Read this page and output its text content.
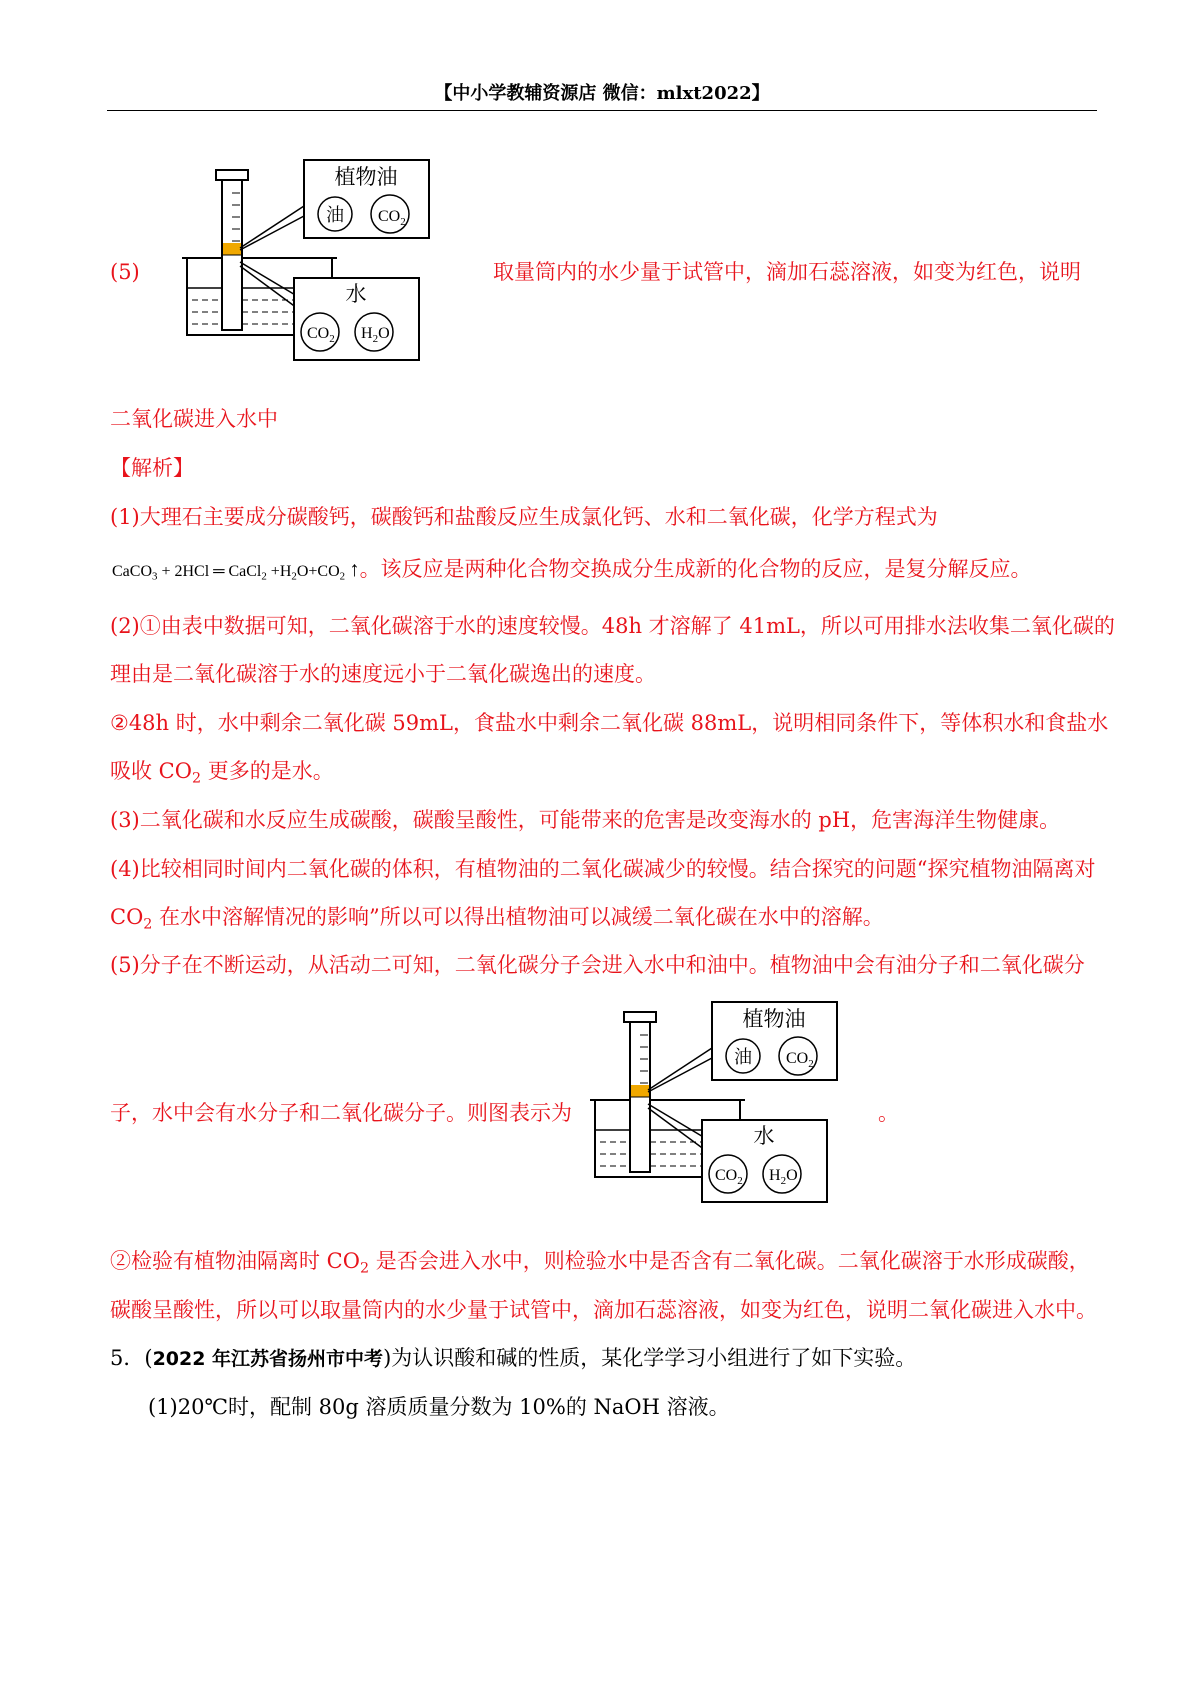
【中小学教辅资源店 微信：mlxt2022】
(5)
植物油
油 $CO_2$
水
$CO_2$ $H_2O$
取量筒内的水少量于试管中，滴加石蕊溶液，如变为红色，说明
二氧化碳进入水中
【解析】
(1)大理石主要成分碳酸钙，碳酸钙和盐酸反应生成氯化钙、水和二氧化碳，化学方程式为
CaCO$_3$ + 2HCl ═ CaCl$_2$ $+H_2O+CO_2$ ↑。该反应是两种化合物交换成分生成新的化合物的反应，是复分解反应。
(2)①由表中数据可知，二氧化碳溶于水的速度较慢。48h 才溶解了 41mL，所以可用排水法收集二氧化碳的
理由是二氧化碳溶于水的速度远小于二氧化碳逸出的速度。
②48h 时，水中剩余二氧化碳 59mL，食盐水中剩余二氧化碳 88mL，说明相同条件下，等体积水和食盐水
吸收 $CO_2$ 更多的是水。
(3)二氧化碳和水反应生成碳酸，碳酸呈酸性，可能带来的危害是改变海水的 pH，危害海洋生物健康。
(4)比较相同时间内二氧化碳的体积，有植物油的二氧化碳减少的较慢。结合探究的问题“探究植物油隔离对
$CO_2$ 在水中溶解情况的影响”所以可以得出植物油可以减缓二氧化碳在水中的溶解。
(5)分子在不断运动，从活动二可知，二氧化碳分子会进入水中和油中。植物油中会有油分子和二氧化碳分
植物油
油 $CO_2$
水
$CO_2$ $H_2O$
子，水中会有水分子和二氧化碳分子。则图表示为	。
②检验有植物油隔离时 $CO_2$ 是否会进入水中，则检验水中是否含有二氧化碳。二氧化碳溶于水形成碳酸，
碳酸呈酸性，所以可以取量筒内的水少量于试管中，滴加石蕊溶液，如变为红色，说明二氧化碳进入水中。
5．(2022 年江苏省扬州市中考)为认识酸和碱的性质，某化学学习小组进行了如下实验。
(1)20℃时，配制 80g 溶质质量分数为 10%的 NaOH 溶液。
